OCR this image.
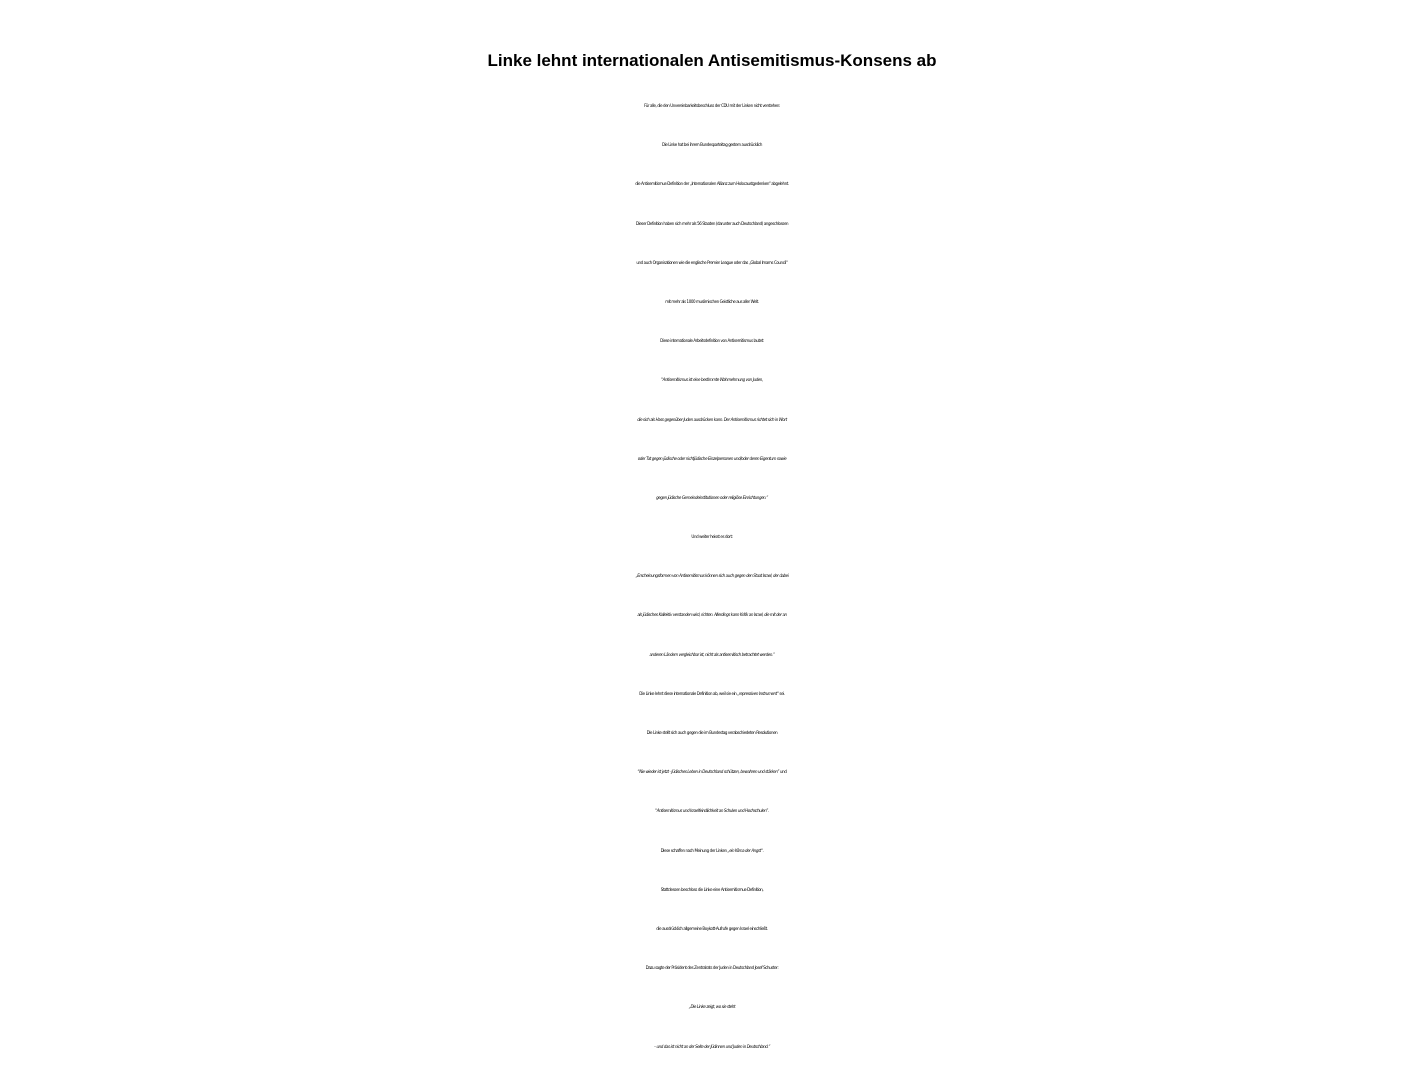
Linke lehnt internationalen Antisemitismus-Konsens ab
Für alle, die den Unvereinbarkeitsbeschluss der CDU mit der Linken nicht verstehen:
Die Linke hat bei ihrem Bundesparteitag gestern ausdrücklich
die Antisemitismus-Definition der „Internationalen Allianz zum Holocaustgedenken“ abgelehnt.
Dieser Definition haben sich mehr als 56 Staaten (darunter auch Deutschland) angeschlossen
und auch Organisationen wie die englische Premier League oder das „Global Imams Council“
mit mehr als 1000 muslimischen Geistliche aus aller Welt.
Diese internationale Arbeitsdefinition von Antisemitismus lautet:
"Antisemitismus ist eine bestimmte Wahrnehmung von Juden,
die sich als Hass gegenüber Juden ausdrücken kann. Der Antisemitismus richtet sich in Wort
oder Tat gegen jüdische oder nichtjüdische Einzelpersonen und/oder deren Eigentum sowie
gegen jüdische Gemeindeinstitutionen oder religiöse Einrichtungen.“
Und weiter heisst es dort:
„Erscheinungsformen von Antisemitismus können sich auch gegen den Staat Israel, der dabei
als jüdisches Kollektiv verstanden wird, richten. Allerdings kann Kritik an Israel, die mit der an
anderen Ländern vergleichbar ist, nicht als antisemitisch betrachtet werden.“
Die Linke lehnt diese internationale Definition ab, weil sie ein „repressiven Instrument“ sei.
Die Linke stellt sich auch gegen die im Bundestag verabschiedeten Resolutionen
“Nie wieder ist jetzt - Jüdisches Leben in Deutschland schützen, bewahren und stärken” und
“Antisemitismus und Israelfeindlichkeit an Schulen und Hochschulen”.
Diese schaffen nach Meinung der Linken „ein Klima der Angst“.
Stattdessen beschloss die Linke eine Antisemitismus-Definition,
die ausdrücklich allgemeine Boykott-Aufrufe gegen Israel einschließt.
Dazu sagte der Präsident des Zentralrats der Juden in Deutschland Josef Schuster:
„Die Linke zeigt, wo sie steht
– und das ist nicht an der Seite der Jüdinnen und Juden in Deutschland.“
